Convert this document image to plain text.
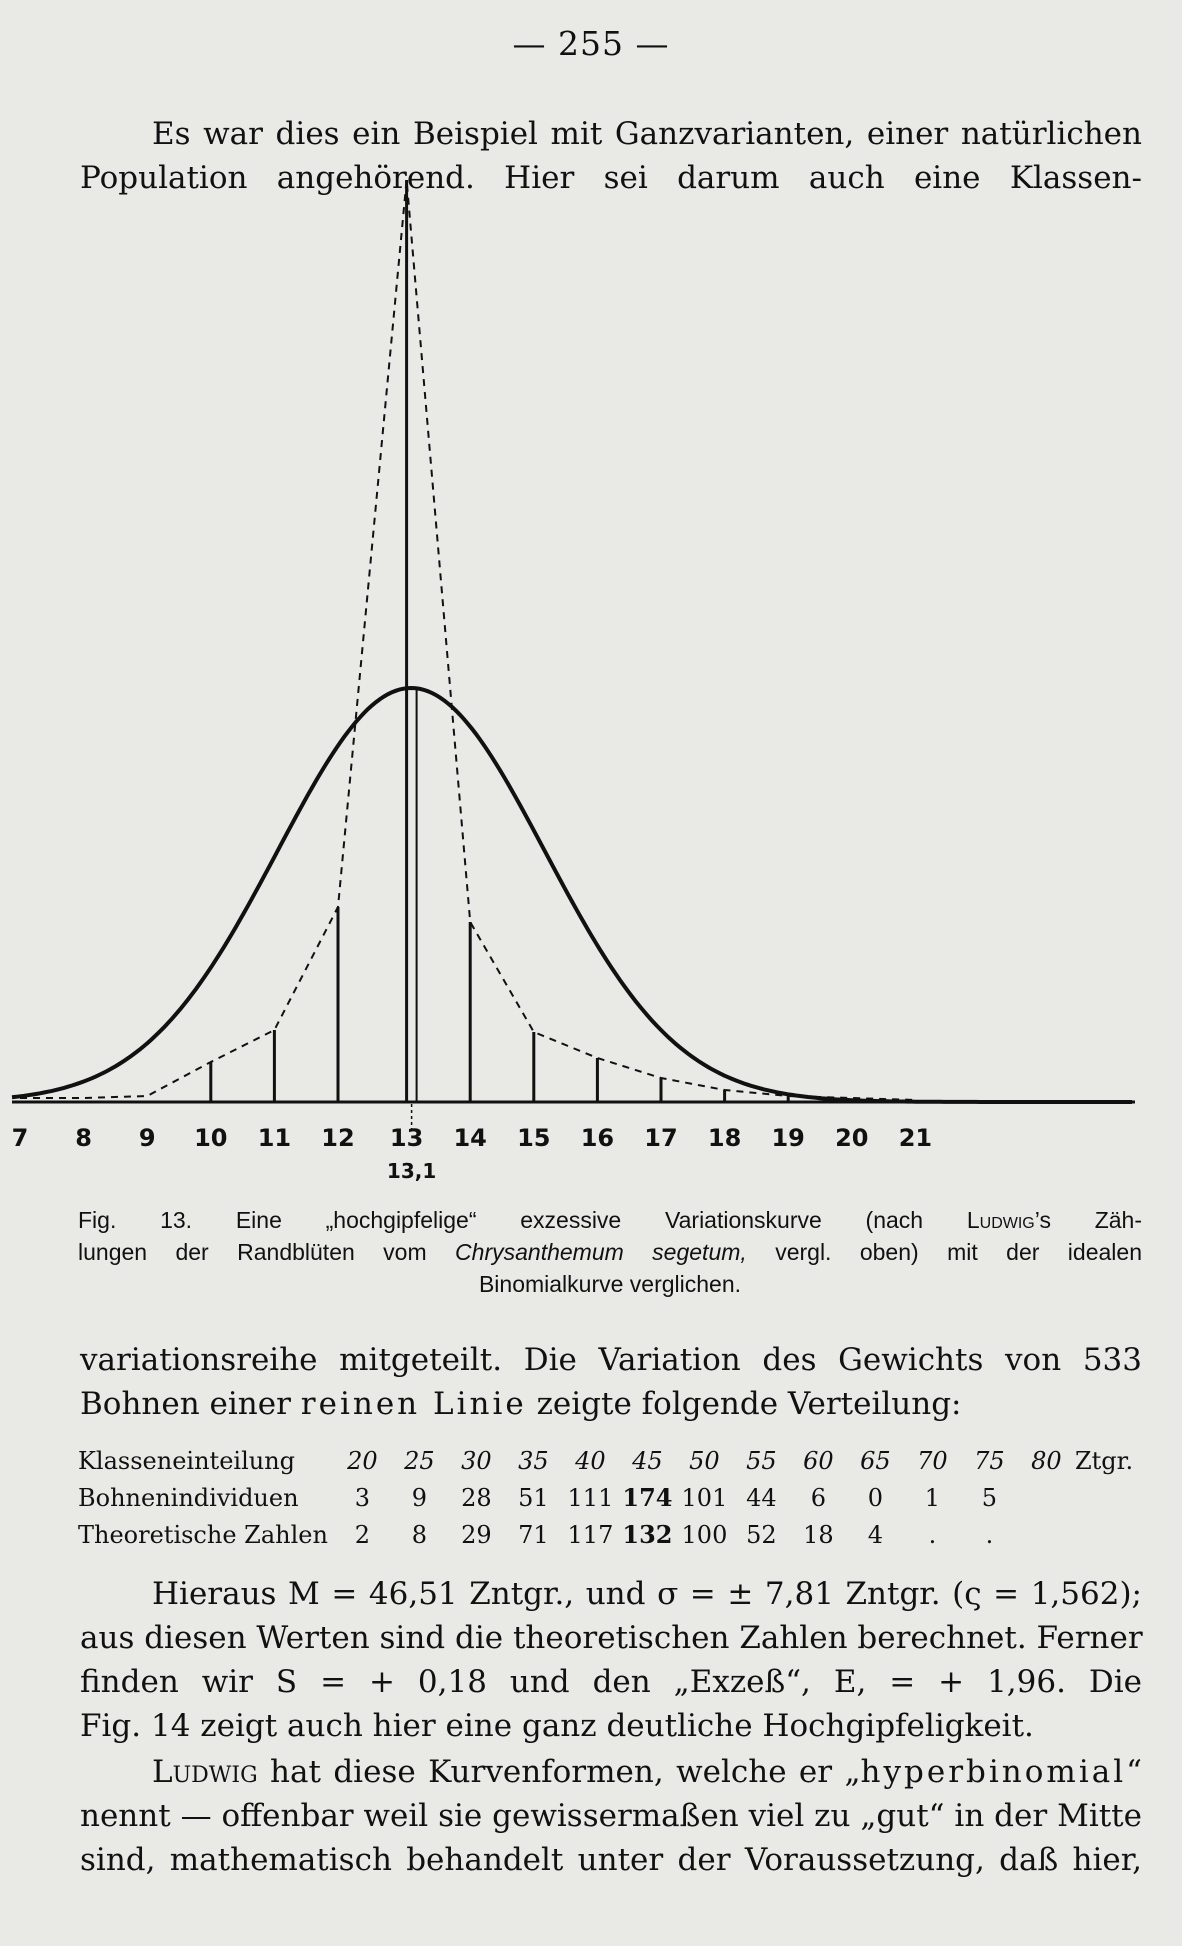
— 255 —
Es war dies ein Beispiel mit Ganzvarianten, einer natürlichen
Population angehörend. Hier sei darum auch eine Klassen-
7 8 9 10 11 12 13 14 15 16 17 18 19 20 21
13,1
Fig. 13. Eine „hochgipfelige“ exzessive Variationskurve (nach Ludwig’s Zäh-
lungen der Randblüten vom Chrysanthemum segetum, vergl. oben) mit der idealen
Binomialkurve verglichen.
variationsreihe mitgeteilt. Die Variation des Gewichts von 533
Bohnen einer reinen Linie zeigte folgende Verteilung:
Klasseneinteilung	20	25	30	35	40	45	50	55	60	65	70	75	80	Ztgr.
Bohnenindividuen	3	9	28	51	111	174	101	44	6	0	1	5		
Theoretische Zahlen	2	8	29	71	117	132	100	52	18	4	.	.		
Hieraus M = 46,51 Zntgr., und σ = ± 7,81 Zntgr. (ς = 1,562);
aus diesen Werten sind die theoretischen Zahlen berechnet. Ferner
finden wir S = + 0,18 und den „Exzeß“, E, = + 1,96. Die
Fig. 14 zeigt auch hier eine ganz deutliche Hochgipfeligkeit.
Ludwig hat diese Kurvenformen, welche er „hyperbinomial“
nennt — offenbar weil sie gewissermaßen viel zu „gut“ in der Mitte
sind, mathematisch behandelt unter der Voraussetzung, daß hier,
